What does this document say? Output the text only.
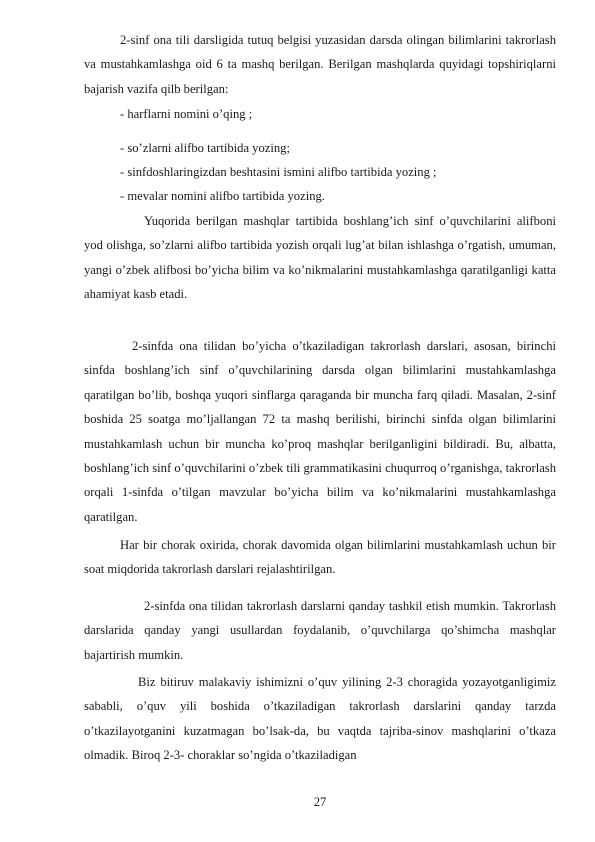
2-sinf ona tili darsligida tutuq belgisi yuzasidan darsda olingan bilimlarini takrorlash va mustahkamlashga oid 6 ta mashq berilgan. Berilgan mashqlarda quyidagi topshiriqlarni bajarish vazifa qilb berilgan:

- harflarni nomini o’qing ;

- so’zlarni alifbo tartibida yozing;

- sinfdoshlaringizdan beshtasini ismini alifbo tartibida yozing ;

- mevalar nomini alifbo tartibida yozing.

Yuqorida berilgan mashqlar tartibida boshlang’ich sinf o’quvchilarini alifboni yod olishga, so’zlarni alifbo tartibida yozish orqali lug’at bilan ishlashga o’rgatish, umuman, yangi o’zbek alifbosi bo’yicha bilim va ko’nikmalarini mustahkamlashga qaratilganligi katta ahamiyat kasb etadi.

2-sinfda ona tilidan bo’yicha o’tkaziladigan takrorlash darslari, asosan, birinchi sinfda boshlang’ich sinf o’quvchilarining darsda olgan bilimlarini mustahkamlashga qaratilgan bo’lib, boshqa yuqori sinflarga qaraganda bir muncha farq qiladi. Masalan, 2-sinf boshida 25 soatga mo’ljallangan 72 ta mashq berilishi, birinchi sinfda olgan bilimlarini mustahkamlash uchun bir muncha ko’proq mashqlar berilganligini bildiradi. Bu, albatta, boshlang’ich sinf o’quvchilarini o’zbek tili grammatikasini chuqurroq o’rganishga, takrorlash orqali 1-sinfda o’tilgan mavzular bo’yicha bilim va ko’nikmalarini mustahkamlashga qaratilgan.

Har bir chorak oxirida, chorak davomida olgan bilimlarini mustahkamlash uchun bir soat miqdorida takrorlash darslari rejalashtirilgan.

2-sinfda ona tilidan takrorlash darslarni qanday tashkil etish mumkin. Takrorlash darslarida qanday yangi usullardan foydalanib, o’quvchilarga qo’shimcha mashqlar bajartirish mumkin.

Biz bitiruv malakaviy ishimizni o’quv yilining 2-3 choragida yozayotganligimiz sababli, o’quv yili boshida o’tkaziladigan takrorlash darslarini qanday tarzda o’tkazilayotganini kuzatmagan bo’lsak-da, bu vaqtda tajriba-sinov mashqlarini o’tkaza olmadik. Biroq 2-3- choraklar so’ngida o’tkaziladigan

27
